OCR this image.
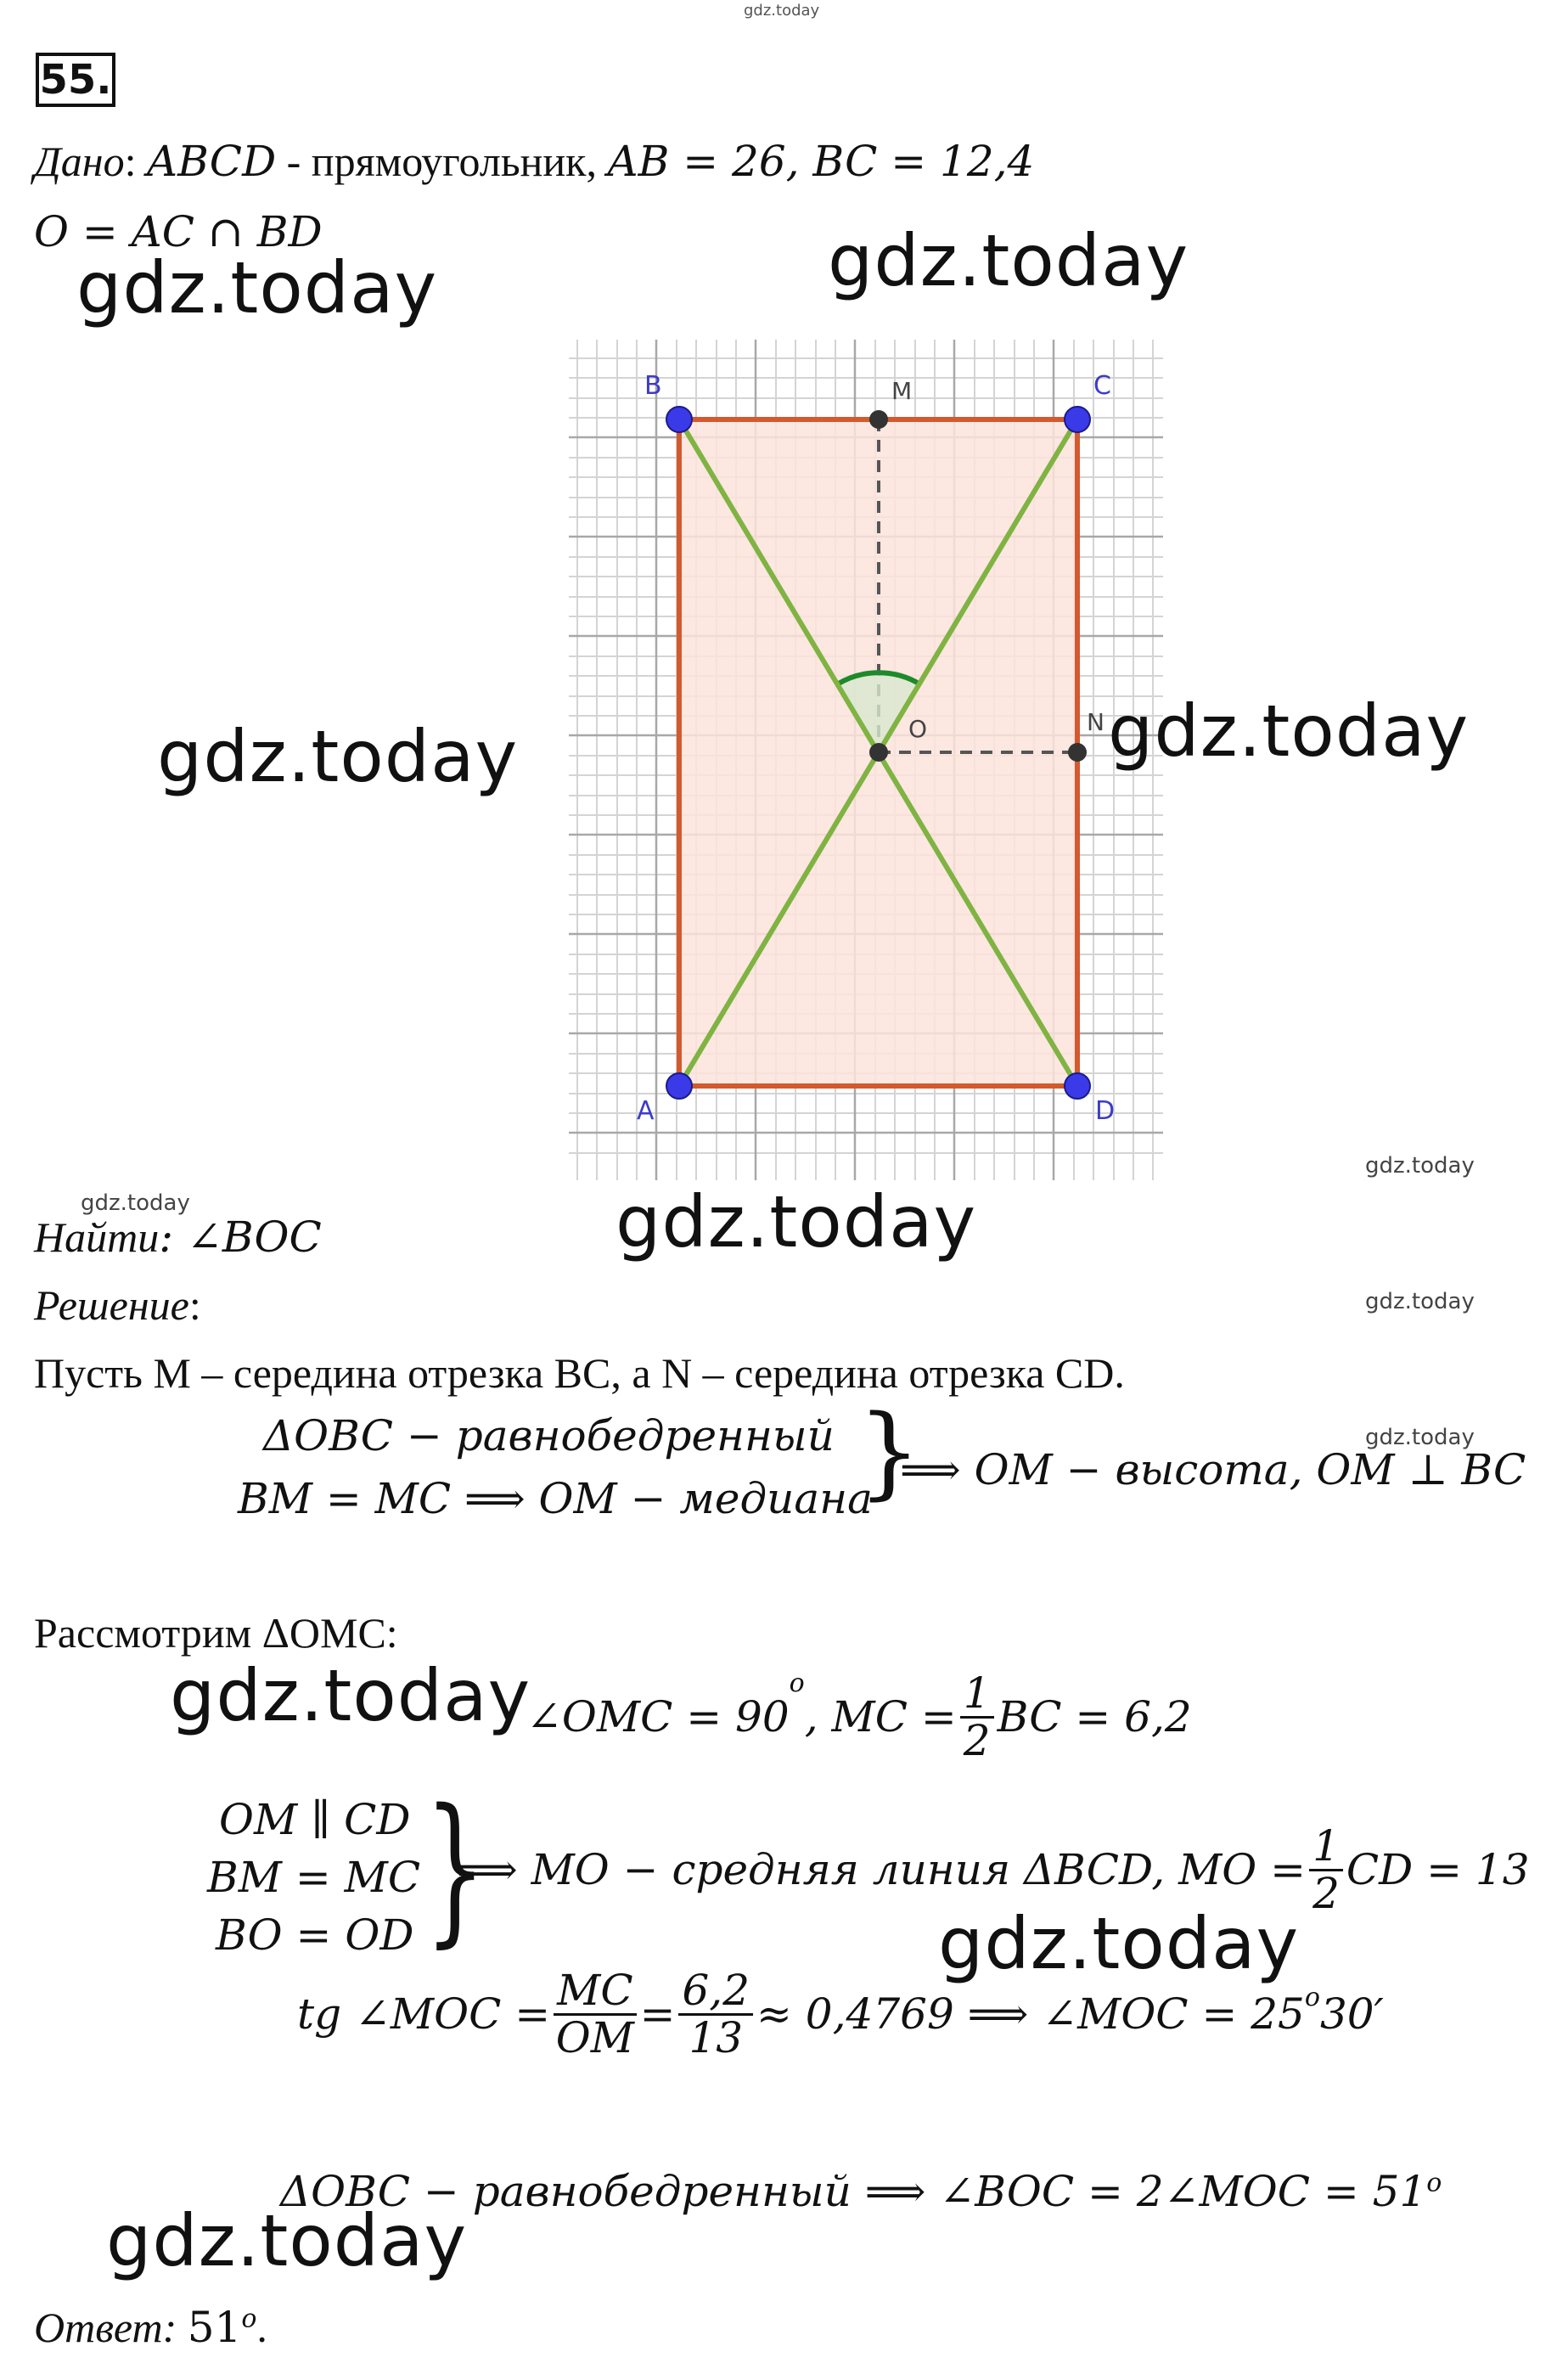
gdz.today
55.
Дано: ABCD - прямоугольник, AB = 26, BC = 12,4
O = AC ∩ BD
B	M	C
O	N
A	D
Найти: ∠BOC
Решение:
Пусть M – середина отрезка BC, а N – середина отрезка CD.
ΔOBC − равнобедренный
BM = MC ⟹ OM − медиана
}
⟹ OM − высота, OM ⊥ BC
Рассмотрим ΔOMC:
∠OMC = 90
$^o$
, MC = $\frac{1}{2}$ BC = 6,2
OM ∥ CD
BM = MC
BO = OD }
⟹ MO − средняя линия ΔBCD, MO = $\frac{1}{2}$ CD = 13
tg ∠MOC = $\frac{MC}{OM} = \frac{6,2}{13} \approx 0,4769$ ⟹ ∠MOC = $25^o$ 30′
ΔOBC − равнобедренный ⟹ ∠BOC = 2∠MOC = $51^o$
Ответ: 51$^o$.
gdz.today	gdz.today
gdz.today	gdz.today
gdz.today
gdz.today
gdz.today
gdz.today
gdz.today
gdz.today
gdz.today
gdz.today
